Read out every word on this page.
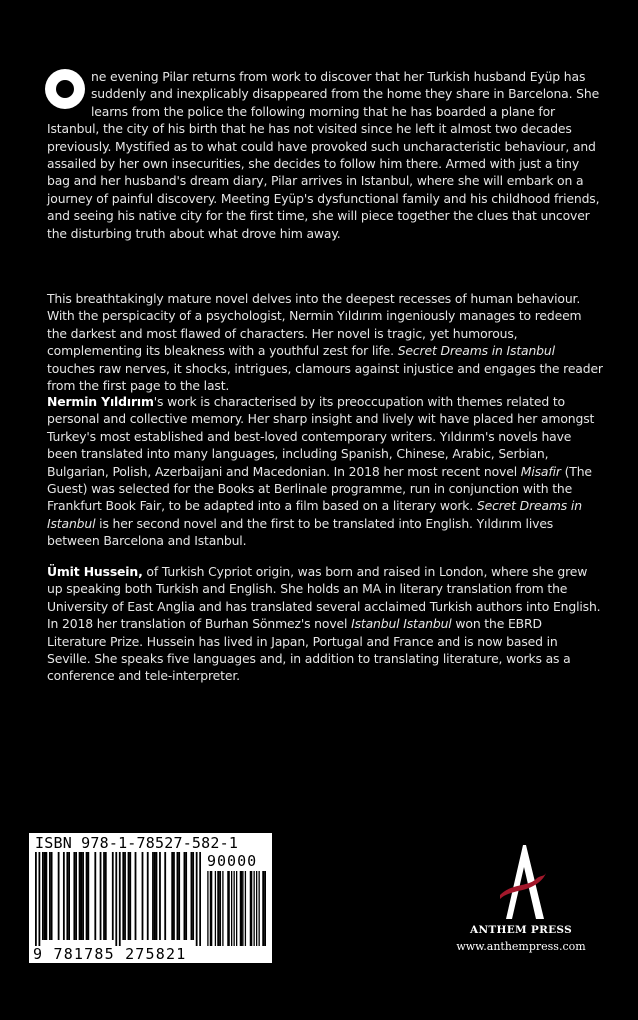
ne evening Pilar returns from work to discover that her Turkish husband Eyüp has suddenly and inexplicably disappeared from the home they share in Barcelona. She learns from the police the following morning that he has boarded a plane for Istanbul, the city of his birth that he has not visited since he left it almost two decades previously. Mystified as to what could have provoked such uncharacteristic behaviour, and assailed by her own insecurities, she decides to follow him there. Armed with just a tiny bag and her husband's dream diary, Pilar arrives in Istanbul, where she will embark on a journey of painful discovery. Meeting Eyüp's dysfunctional family and his childhood friends, and seeing his native city for the first time, she will piece together the clues that uncover the disturbing truth about what drove him away.

This breathtakingly mature novel delves into the deepest recesses of human behaviour. With the perspicacity of a psychologist, Nermin Yıldırım ingeniously manages to redeem the darkest and most flawed of characters. Her novel is tragic, yet humorous, complementing its bleakness with a youthful zest for life. Secret Dreams in Istanbul touches raw nerves, it shocks, intrigues, clamours against injustice and engages the reader from the first page to the last.

Nermin Yıldırım's work is characterised by its preoccupation with themes related to personal and collective memory. Her sharp insight and lively wit have placed her amongst Turkey's most established and best-loved contemporary writers. Yıldırım's novels have been translated into many languages, including Spanish, Chinese, Arabic, Serbian, Bulgarian, Polish, Azerbaijani and Macedonian. In 2018 her most recent novel Misafir (The Guest) was selected for the Books at Berlinale programme, run in conjunction with the Frankfurt Book Fair, to be adapted into a film based on a literary work. Secret Dreams in Istanbul is her second novel and the first to be translated into English. Yıldırım lives between Barcelona and Istanbul.

Ümit Hussein, of Turkish Cypriot origin, was born and raised in London, where she grew up speaking both Turkish and English. She holds an MA in literary translation from the University of East Anglia and has translated several acclaimed Turkish authors into English. In 2018 her translation of Burhan Sönmez's novel Istanbul Istanbul won the EBRD Literature Prize. Hussein has lived in Japan, Portugal and France and is now based in Seville. She speaks five languages and, in addition to translating literature, works as a conference and tele-interpreter.

ISBN 978-1-78527-582-1
90000
9 781785 275821
ANTHEM PRESS
www.anthempress.com
